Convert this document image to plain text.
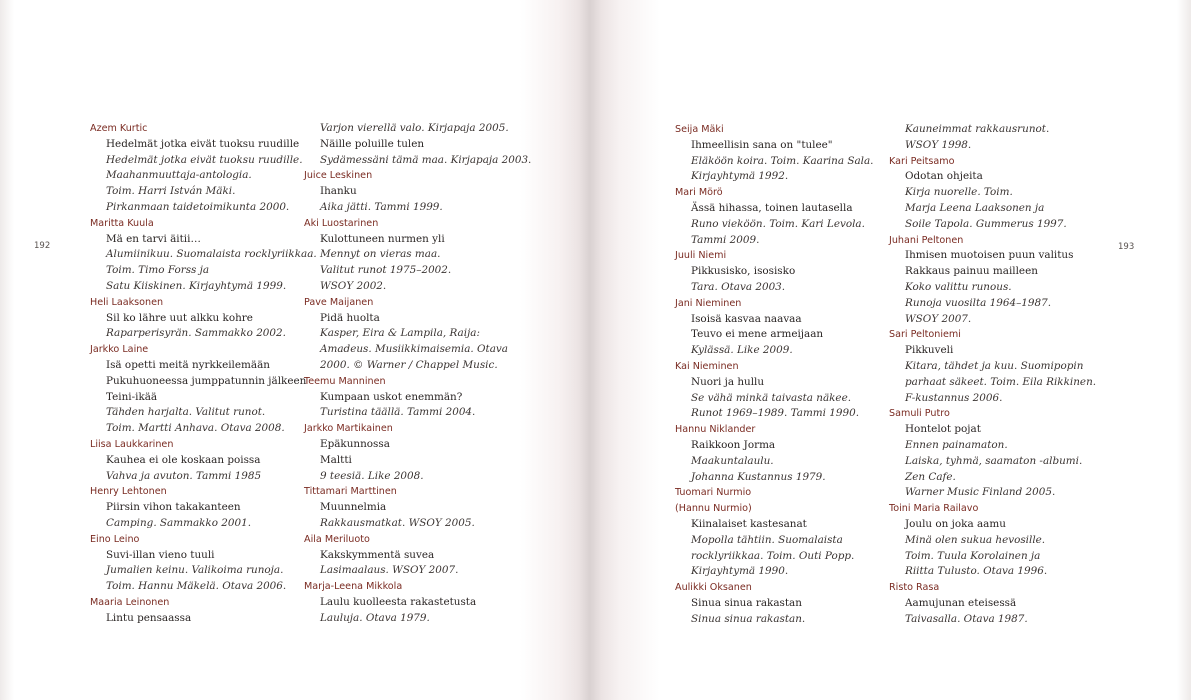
192	193
Azem Kurtic
Hedelmät jotka eivät tuoksu ruudille
Hedelmät jotka eivät tuoksu ruudille.
Maahanmuuttaja-antologia.
Toim. Harri István Mäki.
Pirkanmaan taidetoimikunta 2000.
Maritta Kuula
Mä en tarvi äitii…
Alumiinikuu. Suomalaista rocklyriikkaa.
Toim. Timo Forss ja
Satu Kiiskinen. Kirjayhtymä 1999.
Heli Laaksonen
Sil ko lähre uut alkku kohre
Raparperisyrän. Sammakko 2002.
Jarkko Laine
Isä opetti meitä nyrkkeilemään
Pukuhuoneessa jumppatunnin jälkeen
Teini-ikää
Tähden harjalta. Valitut runot.
Toim. Martti Anhava. Otava 2008.
Liisa Laukkarinen
Kauhea ei ole koskaan poissa
Vahva ja avuton. Tammi 1985
Henry Lehtonen
Piirsin vihon takakanteen
Camping. Sammakko 2001.
Eino Leino
Suvi-illan vieno tuuli
Jumalien keinu. Valikoima runoja.
Toim. Hannu Mäkelä. Otava 2006.
Maaria Leinonen
Lintu pensaassa
Varjon vierellä valo. Kirjapaja 2005.
Näille poluille tulen
Sydämessäni tämä maa. Kirjapaja 2003.
Juice Leskinen
Ihanku
Aika jätti. Tammi 1999.
Aki Luostarinen
Kulottuneen nurmen yli
Mennyt on vieras maa.
Valitut runot 1975–2002.
WSOY 2002.
Pave Maijanen
Pidä huolta
Kasper, Eira & Lampila, Raija:
Amadeus. Musiikkimaisemia. Otava
2000. © Warner / Chappel Music.
Teemu Manninen
Kumpaan uskot enemmän?
Turistina täällä. Tammi 2004.
Jarkko Martikainen
Epäkunnossa
Maltti
9 teesiä. Like 2008.
Tittamari Marttinen
Muunnelmia
Rakkausmatkat. WSOY 2005.
Aila Meriluoto
Kakskymmentä suvea
Lasimaalaus. WSOY 2007.
Marja-Leena Mikkola
Laulu kuolleesta rakastetusta
Lauluja. Otava 1979.
Seija Mäki
Ihmeellisin sana on "tulee"
Eläköön koira. Toim. Kaarina Sala.
Kirjayhtymä 1992.
Mari Mörö
Ässä hihassa, toinen lautasella
Runo vieköön. Toim. Kari Levola.
Tammi 2009.
Juuli Niemi
Pikkusisko, isosisko
Tara. Otava 2003.
Jani Nieminen
Isoisä kasvaa naavaa
Teuvo ei mene armeijaan
Kylässä. Like 2009.
Kai Nieminen
Nuori ja hullu
Se vähä minkä taivasta näkee.
Runot 1969–1989. Tammi 1990.
Hannu Niklander
Raikkoon Jorma
Maakuntalaulu.
Johanna Kustannus 1979.
Tuomari Nurmio
(Hannu Nurmio)
Kiinalaiset kastesanat
Mopolla tähtiin. Suomalaista
rocklyriikkaa. Toim. Outi Popp.
Kirjayhtymä 1990.
Aulikki Oksanen
Sinua sinua rakastan
Sinua sinua rakastan.
Kauneimmat rakkausrunot.
WSOY 1998.
Kari Peitsamo
Odotan ohjeita
Kirja nuorelle. Toim.
Marja Leena Laaksonen ja
Soile Tapola. Gummerus 1997.
Juhani Peltonen
Ihmisen muotoisen puun valitus
Rakkaus painuu mailleen
Koko valittu runous.
Runoja vuosilta 1964–1987.
WSOY 2007.
Sari Peltoniemi
Pikkuveli
Kitara, tähdet ja kuu. Suomipopin
parhaat säkeet. Toim. Eila Rikkinen.
F-kustannus 2006.
Samuli Putro
Hontelot pojat
Ennen painamaton.
Laiska, tyhmä, saamaton -albumi.
Zen Cafe.
Warner Music Finland 2005.
Toini Maria Railavo
Joulu on joka aamu
Minä olen sukua hevosille.
Toim. Tuula Korolainen ja
Riitta Tulusto. Otava 1996.
Risto Rasa
Aamujunan eteisessä
Taivasalla. Otava 1987.
